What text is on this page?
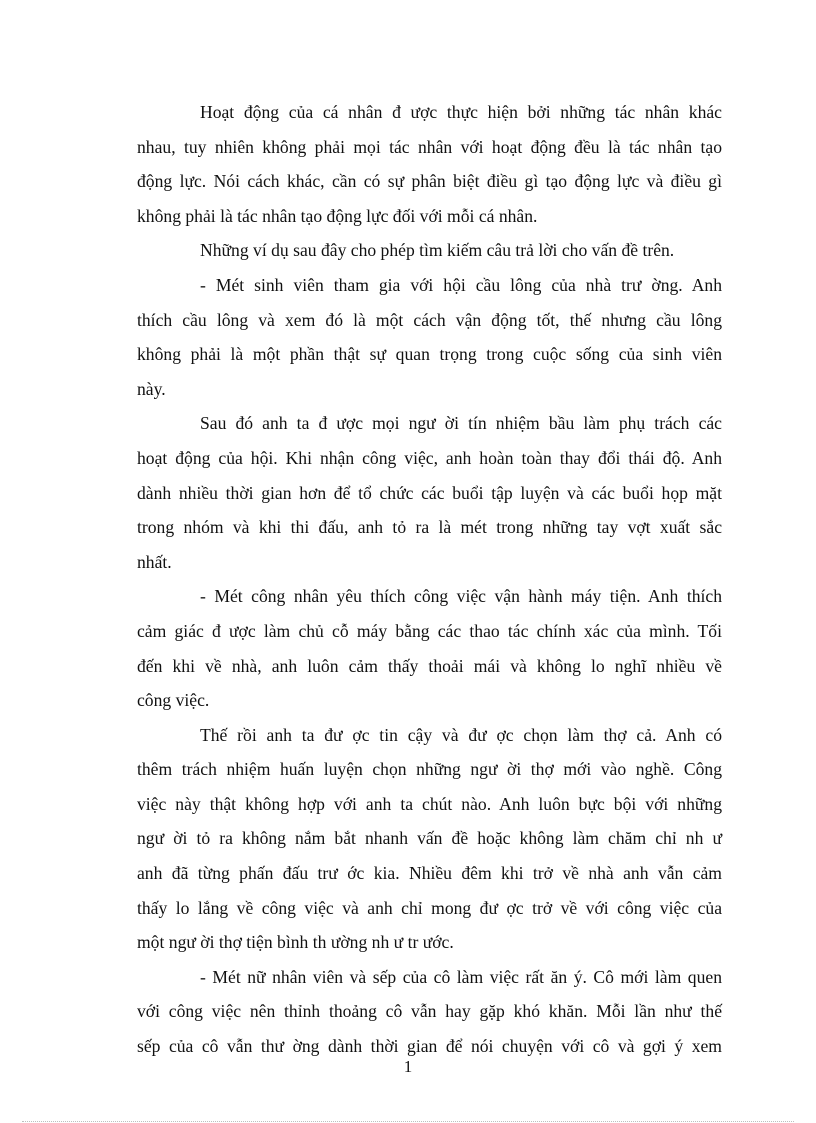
Hoạt động của cá nhân đ ược thực hiện bởi những tác nhân khác
nhau, tuy nhiên không phải mọi tác nhân với hoạt động đều là tác nhân tạo
động lực. Nói cách khác, cần có sự phân biệt điều gì tạo động lực và điều gì
không phải là tác nhân tạo động lực đối với mỗi cá nhân.
Những ví dụ sau đây cho phép tìm kiếm câu trả lời cho vấn đề trên.
- Mét sinh viên tham gia với hội cầu lông của nhà trư ờng. Anh
thích cầu lông và xem đó là một cách vận động tốt, thế nhưng cầu lông
không phải là một phần thật sự quan trọng trong cuộc sống của sinh viên
này.
Sau đó anh ta đ ược mọi ngư ời tín nhiệm bầu làm phụ trách các
hoạt động của hội. Khi nhận công việc, anh hoàn toàn thay đổi thái độ. Anh
dành nhiều thời gian hơn để tổ chức các buổi tập luyện và các buổi họp mặt
trong nhóm và khi thi đấu, anh tỏ ra là mét trong những tay vợt xuất sắc
nhất.
- Mét công nhân yêu thích công việc vận hành máy tiện. Anh thích
cảm giác đ ược làm chủ cỗ máy bằng các thao tác chính xác của mình. Tối
đến khi về nhà, anh luôn cảm thấy thoải mái và không lo nghĩ nhiều về
công việc.
Thế rồi anh ta đư ợc tin cậy và đư ợc chọn làm thợ cả. Anh có
thêm trách nhiệm huấn luyện chọn những ngư ời thợ mới vào nghề. Công
việc này thật không hợp với anh ta chút nào. Anh luôn bực bội với những
ngư ời tỏ ra không nắm bắt nhanh vấn đề hoặc không làm chăm chỉ nh ư
anh đã từng phấn đấu trư ớc kia. Nhiều đêm khi trở về nhà anh vẫn cảm
thấy lo lắng về công việc và anh chỉ mong đư ợc trở về với công việc của
một ngư ời thợ tiện bình th ường nh ư tr ước.
- Mét nữ nhân viên và sếp của cô làm việc rất ăn ý. Cô mới làm quen
với công việc nên thỉnh thoảng cô vẫn hay gặp khó khăn. Mỗi lần như thế
sếp của cô vẫn thư ờng dành thời gian để nói chuyện với cô và gợi ý xem
1
